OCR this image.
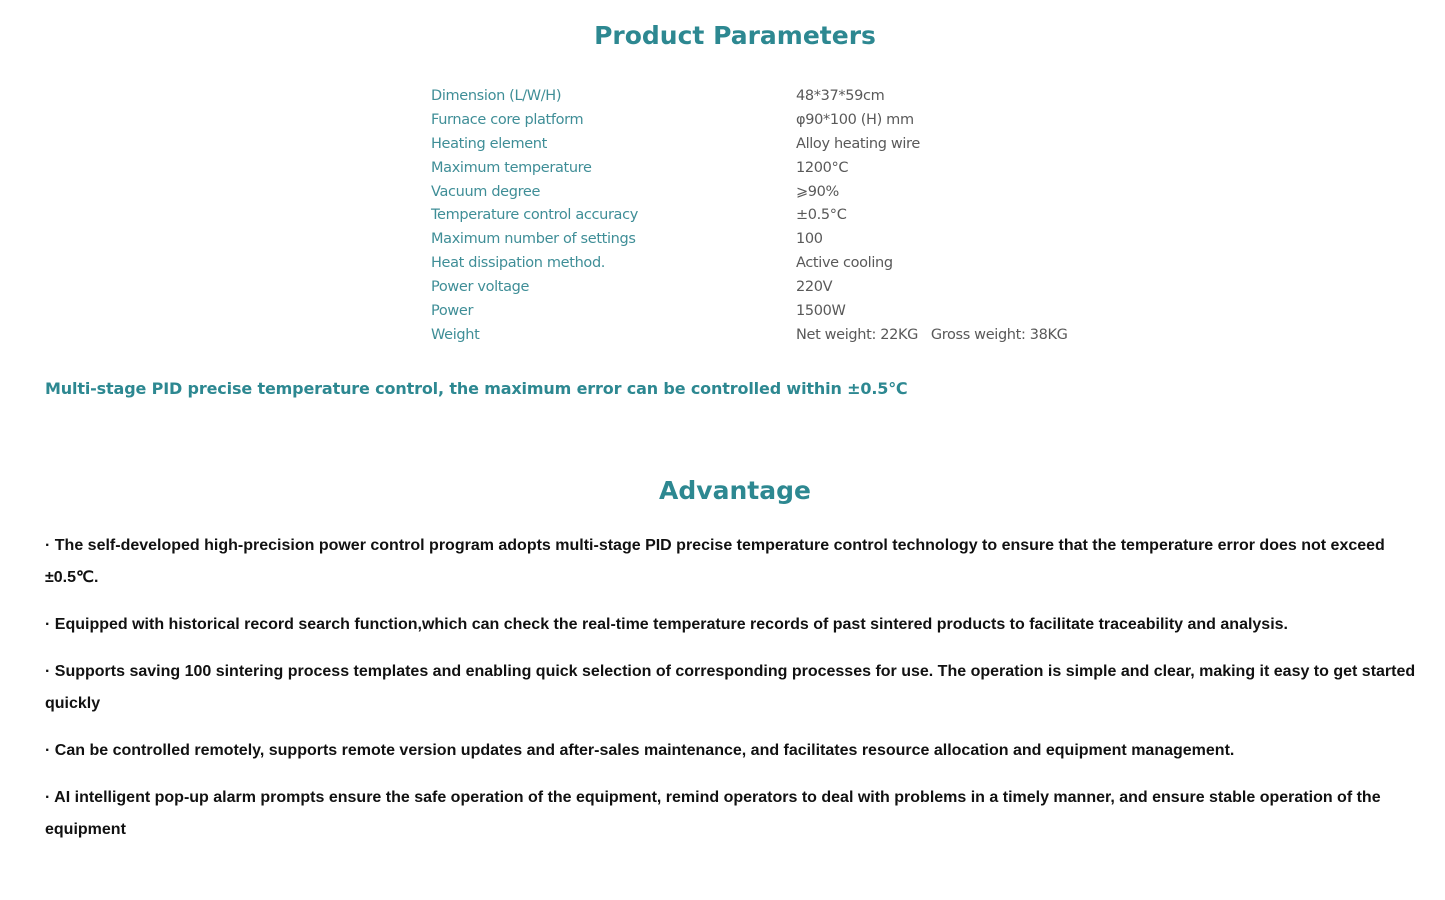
Product Parameters
Dimension (L/W/H)	48*37*59cm
Furnace core platform	φ90*100 (H) mm
Heating element	Alloy heating wire
Maximum temperature	1200°C
Vacuum degree	⩾90%
Temperature control accuracy	±0.5°C
Maximum number of settings	100
Heat dissipation method.	Active cooling
Power voltage	220V
Power	1500W
Weight	Net weight: 22KG   Gross weight: 38KG

Multi-stage PID precise temperature control, the maximum error can be controlled within ±0.5℃

Advantage
· The self-developed high-precision power control program adopts multi-stage PID precise temperature control technology to ensure that the temperature error does not exceed ±0.5℃.
· Equipped with historical record search function,which can check the real-time temperature records of past sintered products to facilitate traceability and analysis.
· Supports saving 100 sintering process templates and enabling quick selection of corresponding processes for use. The operation is simple and clear, making it easy to get started quickly
· Can be controlled remotely, supports remote version updates and after-sales maintenance, and facilitates resource allocation and equipment management.
· AI intelligent pop-up alarm prompts ensure the safe operation of the equipment, remind operators to deal with problems in a timely manner, and ensure stable operation of the equipment
